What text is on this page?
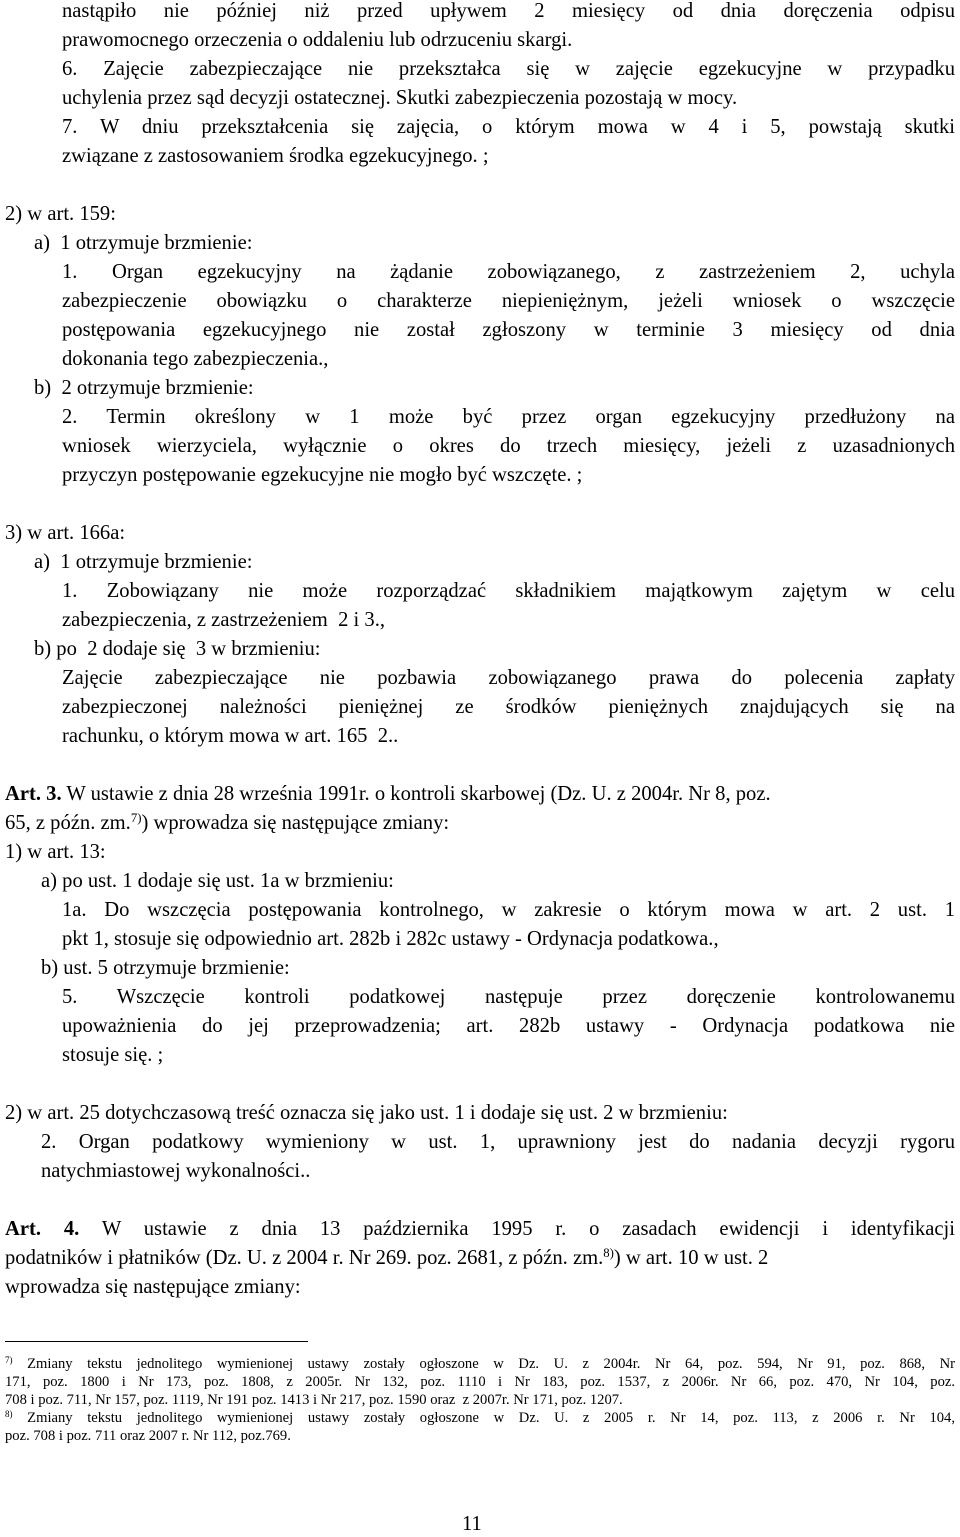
nastąpiło nie później niż przed upływem 2 miesięcy od dnia doręczenia odpisu

prawomocnego orzeczenia o oddaleniu lub odrzuceniu skargi.

6. Zajęcie zabezpieczające nie przekształca się w zajęcie egzekucyjne w przypadku

uchylenia przez sąd decyzji ostatecznej. Skutki zabezpieczenia pozostają w mocy.

7. W dniu przekształcenia się zajęcia, o którym mowa w 4 i 5, powstają skutki

związane z zastosowaniem środka egzekucyjnego. ;

2) w art. 159:

a)  1 otrzymuje brzmienie:

1. Organ egzekucyjny na żądanie zobowiązanego, z zastrzeżeniem 2, uchyla

zabezpieczenie obowiązku o charakterze niepieniężnym, jeżeli wniosek o wszczęcie

postępowania egzekucyjnego nie został zgłoszony w terminie 3 miesięcy od dnia

dokonania tego zabezpieczenia.,

b)  2 otrzymuje brzmienie:

2. Termin określony w 1 może być przez organ egzekucyjny przedłużony na

wniosek wierzyciela, wyłącznie o okres do trzech miesięcy, jeżeli z uzasadnionych

przyczyn postępowanie egzekucyjne nie mogło być wszczęte. ;

3) w art. 166a:

a)  1 otrzymuje brzmienie:

1. Zobowiązany nie może rozporządzać składnikiem majątkowym zajętym w celu

zabezpieczenia, z zastrzeżeniem  2 i 3.,

b) po  2 dodaje się  3 w brzmieniu:

Zajęcie zabezpieczające nie pozbawia zobowiązanego prawa do polecenia zapłaty

zabezpieczonej należności pieniężnej ze środków pieniężnych znajdujących się na

rachunku, o którym mowa w art. 165  2..

Art. 3. W ustawie z dnia 28 września 1991r. o kontroli skarbowej (Dz. U. z 2004r. Nr 8, poz.

65, z późn. zm.$^{7)}$) wprowadza się następujące zmiany:

1) w art. 13:

a) po ust. 1 dodaje się ust. 1a w brzmieniu:

1a. Do wszczęcia postępowania kontrolnego, w zakresie o którym mowa w art. 2 ust. 1

pkt 1, stosuje się odpowiednio art. 282b i 282c ustawy - Ordynacja podatkowa.,

b) ust. 5 otrzymuje brzmienie:

5. Wszczęcie kontroli podatkowej następuje przez doręczenie kontrolowanemu

upoważnienia do jej przeprowadzenia; art. 282b ustawy - Ordynacja podatkowa nie

stosuje się. ;

2) w art. 25 dotychczasową treść oznacza się jako ust. 1 i dodaje się ust. 2 w brzmieniu:

2. Organ podatkowy wymieniony w ust. 1, uprawniony jest do nadania decyzji rygoru

natychmiastowej wykonalności..

Art. 4. W ustawie z dnia 13 października 1995 r. o zasadach ewidencji i identyfikacji

podatników i płatników (Dz. U. z 2004 r. Nr 269. poz. 2681, z późn. zm.$^{8)}$) w art. 10 w ust. 2

wprowadza się następujące zmiany:

$^{7)}$ Zmiany tekstu jednolitego wymienionej ustawy zostały ogłoszone w Dz. U. z 2004r. Nr 64, poz. 594, Nr 91, poz. 868, Nr

171, poz. 1800 i Nr 173, poz. 1808, z 2005r. Nr 132, poz. 1110 i Nr 183, poz. 1537, z 2006r. Nr 66, poz. 470, Nr 104, poz.

708 i poz. 711, Nr 157, poz. 1119, Nr 191 poz. 1413 i Nr 217, poz. 1590 oraz  z 2007r. Nr 171, poz. 1207.

$^{8)}$ Zmiany tekstu jednolitego wymienionej ustawy zostały ogłoszone w Dz. U. z 2005 r. Nr 14, poz. 113, z 2006 r. Nr 104,

poz. 708 i poz. 711 oraz 2007 r. Nr 112, poz.769.

11
